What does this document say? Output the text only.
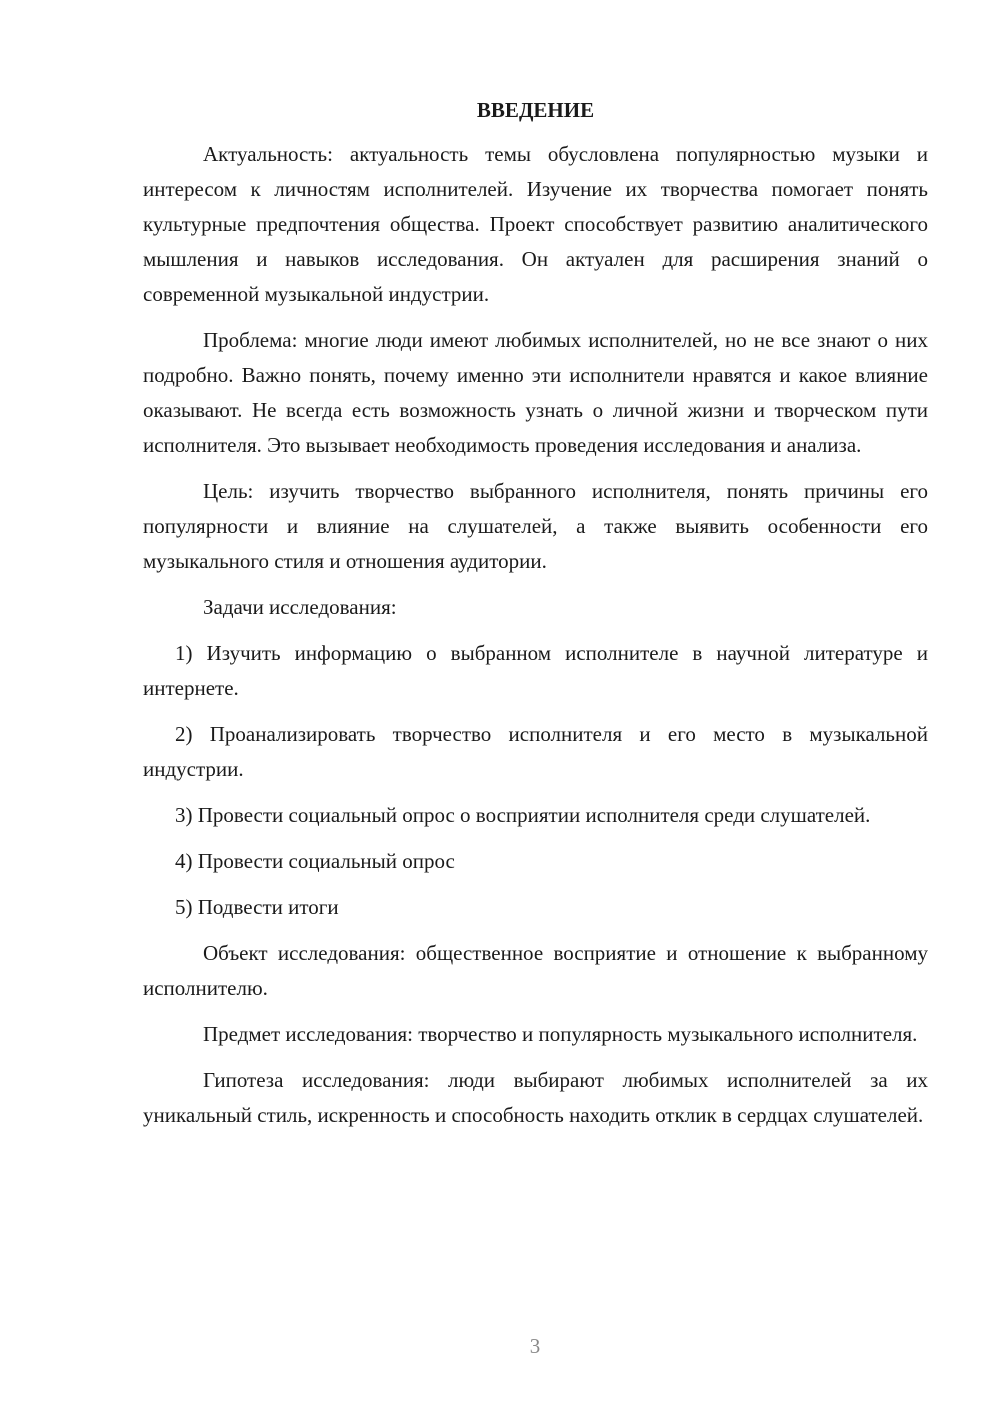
ВВЕДЕНИЕ

Актуальность: актуальность темы обусловлена популярностью музыки и интересом к личностям исполнителей. Изучение их творчества помогает понять культурные предпочтения общества. Проект способствует развитию аналитического мышления и навыков исследования. Он актуален для расширения знаний о современной музыкальной индустрии.

Проблема: многие люди имеют любимых исполнителей, но не все знают о них подробно. Важно понять, почему именно эти исполнители нравятся и какое влияние оказывают. Не всегда есть возможность узнать о личной жизни и творческом пути исполнителя. Это вызывает необходимость проведения исследования и анализа.

Цель: изучить творчество выбранного исполнителя, понять причины его популярности и влияние на слушателей, а также выявить особенности его музыкального стиля и отношения аудитории.

Задачи исследования:

1) Изучить информацию о выбранном исполнителе в научной литературе и интернете.

2) Проанализировать творчество исполнителя и его место в музыкальной индустрии.

3) Провести социальный опрос о восприятии исполнителя среди слушателей.

4) Провести социальный опрос

5) Подвести итоги

Объект исследования: общественное восприятие и отношение к выбранному исполнителю.

Предмет исследования: творчество и популярность музыкального исполнителя.

Гипотеза исследования: люди выбирают любимых исполнителей за их уникальный стиль, искренность и способность находить отклик в сердцах слушателей.

3
